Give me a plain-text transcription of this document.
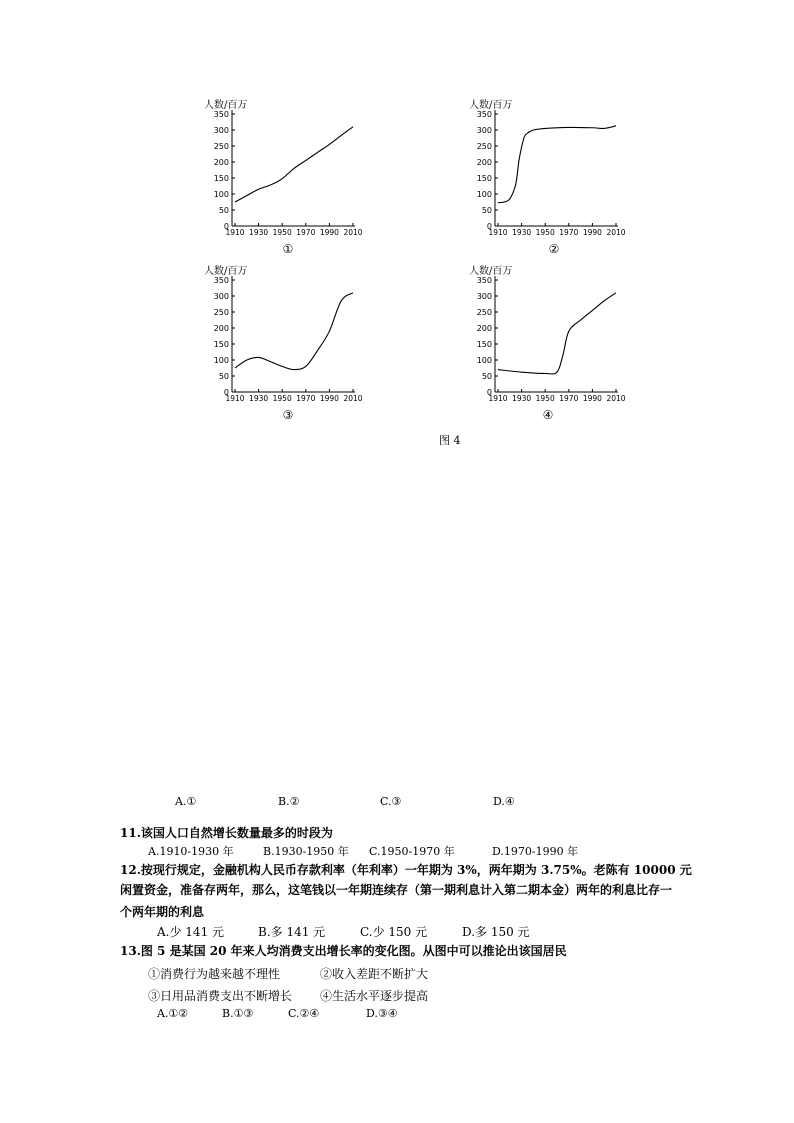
人数/百万
0
50
100
150
200
250
300
350
1910 1930 1950 1970 1990 2010
①
人数/百万
0
50
100
150
200
250
300
350
1910 1930 1950 1970 1990 2010
②
人数/百万
0
50
100
150
200
250
300
350
1910 1930 1950 1970 1990 2010
③
人数/百万
0
50
100
150
200
250
300
350
1910 1930 1950 1970 1990 2010
④
图 4
A.①	B.②	C.③	D.④
11.该国人口自然增长数量最多的时段为
A.1910-1930 年	B.1930-1950 年 C.1950-1970 年	D.1970-1990 年
12.按现行规定，金融机构人民币存款利率（年利率）一年期为 3%，两年期为 3.75%。老陈有 10000 元
闲置资金，准备存两年，那么，这笔钱以一年期连续存（第一期利息计入第二期本金）两年的利息比存一
个两年期的利息
A.少 141 元	B.多 141 元	C.少 150 元	D.多 150 元
13.图 5 是某国 20 年来人均消费支出增长率的变化图。从图中可以推论出该国居民
①消费行为越来越不理性	②收入差距不断扩大
③日用品消费支出不断增长 ④生活水平逐步提高
A.①②	B.①③	C.②④	D.③④
